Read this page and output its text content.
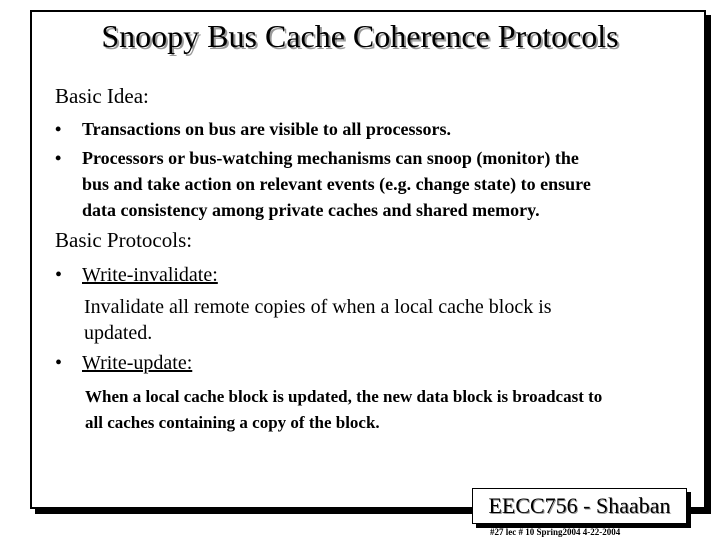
Snoopy Bus Cache Coherence Protocols
Basic Idea:
•	Transactions on bus are visible to all processors.
•	Processors or bus-watching mechanisms can snoop (monitor) the
bus and take action on relevant events (e.g. change state) to ensure
data consistency among private caches and shared memory.
Basic Protocols:
• Write-invalidate:
Invalidate all remote copies of when a local cache block is
updated.
• Write-update:
When a local cache block is updated, the new data block is broadcast to
all caches containing a copy of the block.
EECC756 - Shaaban
#27 lec # 10 Spring2004 4-22-2004
